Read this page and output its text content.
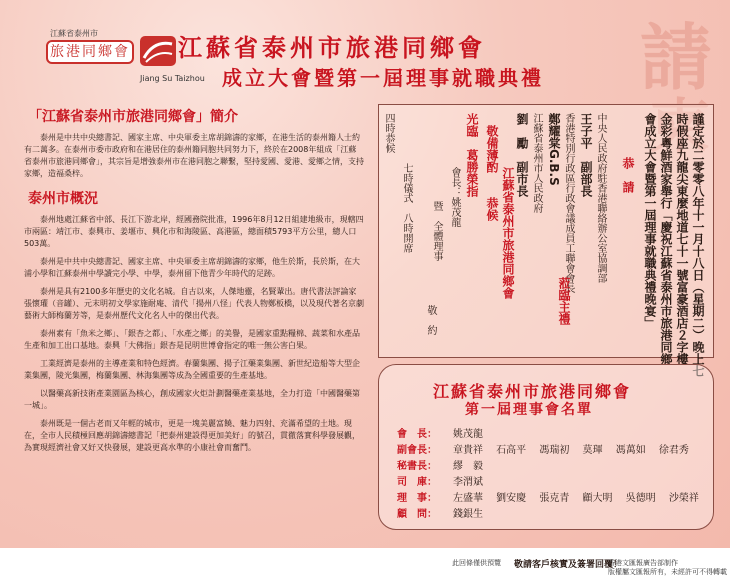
江蘇省泰州市
旅港同鄉會
Jiang Su Taizhou
江蘇省泰州市旅港同鄉會
成立大會暨第一屆理事就職典禮 請
柬
「江蘇省泰州市旅港同鄉會」簡介

泰州是中共中央總書記、國家主席、中央軍委主席胡錦濤的家鄉，在港生活的泰州籍人士約有二萬多。在泰州市委市政府和在港居住的泰州籍同胞共同努力下，終於在2008年組成「江蘇省泰州市旅港同鄉會」，其宗旨是增強泰州市在港同胞之聯繫，堅持愛國、愛港、愛鄉之情，支持家鄉，造福桑梓。

泰州市概況

泰州地處江蘇省中部、長江下游北岸，經國務院批准，1996年8月12日組建地級市，現轄四市兩區：靖江市、泰興市、姜堰市、興化市和海陵區、高港區，總面積5793平方公里，總人口503萬。

泰州是中共中央總書記、國家主席、中央軍委主席胡錦濤的家鄉，他生於斯，長於斯，在大浦小學和江蘇泰州中學讀完小學、中學，泰州留下他青少年時代的足跡。

泰州是具有2100多年歷史的文化名城。自古以來，人傑地靈，名賢輩出。唐代書法評論家張懷瓘（音罐）、元末明初文學家施耐庵、清代「揚州八怪」代表人物鄭板橋，以及現代著名京劇藝術大師梅蘭芳等，是泰州歷代文化名人中的傑出代表。

泰州素有「魚米之鄉」、「銀杏之都」、「水產之鄉」的美譽，是國家重點糧棉、蔬菜和水產品生產和加工出口基地。泰興「大佛指」銀杏是昆明世博會指定的唯一無公害白果。

工業經濟是泰州的主導產業和特色經濟。春蘭集團、揚子江藥業集團、新世紀造船等大型企業集團，陵光集團，梅蘭集團、林海集團等成為全國重要的生產基地。

以醫藥高新技術產業園區為核心，創成國家火炬計劃醫藥產業基地，全力打造「中國醫藥第一城」。

泰州既是一個古老而又年輕的城市，更是一塊美麗富饒、魅力四射、充滿希望的土地。現在，全市人民積極回應胡錦濤總書記「把泰州建設得更加美好」的號召，貫徹落實科學發展觀，為實現經濟社會又好又快發展，建設更高水準的小康社會而奮鬥。

謹定於二零零八年十一月十八日（星期二）晚上七
時假座九龍尖東麼地道七十一號富豪酒店２字樓
金彩粵鮮酒家舉行「慶祝江蘇省泰州市旅港同鄉
會成立大會暨第一屆理事就職典禮晚宴」
恭　請
中央人民政府駐香港聯絡辦公室協調部
王子平　副部長
香港特別行政區行政會議成員工聯會會長
鄭耀棠G.B.S
江蘇省泰州市人民政府
劉　勵　副市長
蒞臨主禮
光臨
葛勝榮指 敬備薄酌
恭候 江蘇省泰州市旅港同鄉會
會長：姚茂龍
暨　全體理事
敬　約
四時恭候
七時儀式　八時開席
江蘇省泰州市旅港同鄉會
第一屆理事會名單
會　長： 姚茂龍
副會長： 章貴祥　 石高平　 馮瑞初　 莫琿　 馮萬如　 徐君秀
秘書長： 繆　毅
司　庫： 李渭斌
理　事： 左盛華　 劉安慶　 張克青　 顧大明　 吳德明　 沙榮祥
顧　問： 錢銀生
此回條僅供預覽 敬請客戶核實及簽署回覆！
香港文匯報廣告部制作
版權屬文匯報所有，未經許可不得轉載
